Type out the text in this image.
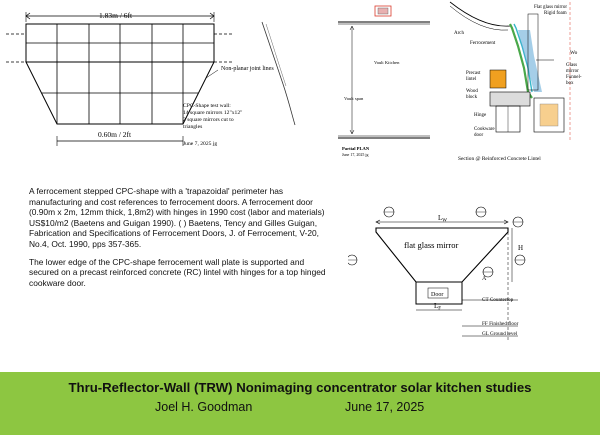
1.83m / 6ft
Non-planar joint lines
0.60m / 2ft
CPC-Shape test wall:
14 square mirrors 12"x12"
2 square mirrors cut to
triangles
June 7, 2025 jg
Vault Kitchen
Vault span
Partial PLAN
June 17, 2025 jg
Arch
Ferrocement
Flat glass mirror
Rigid foam
Wo
Glass
mirror
Funnel-
box
Precast
lintel
Wood
block
Hinge
Cookware
door
Section @ Reinforced Concrete Lintel

A ferrocement stepped CPC-shape with a 'trapazoidal' perimeter has manufacturing and cost references to ferrocement doors. A ferrocement door (0.90m x 2m, 12mm thick, 1,8m2) with hinges in 1990 cost (labor and materials) US$10/m2 (Baetens and Guigan 1990). ( ) Baetens, Tency and Gilles Guigan, Fabrication and Specifications of Ferrocement Doors, J. of Ferrocement, V-20, No.4, Oct. 1990, pps 357-365.

The lower edge of the CPC-shape ferrocement wall plate is supported and secured on a precast reinforced concrete (RC) lintel with hinges for a top hinged cookware door.

$L_W$
flat glass mirror
A
H
Door
$L_F$
CT Countertop
FF Finished floor
GL Ground level
Thru-Reflector-Wall (TRW) Nonimaging concentrator solar kitchen studies
Joel H. Goodman	June 17, 2025
